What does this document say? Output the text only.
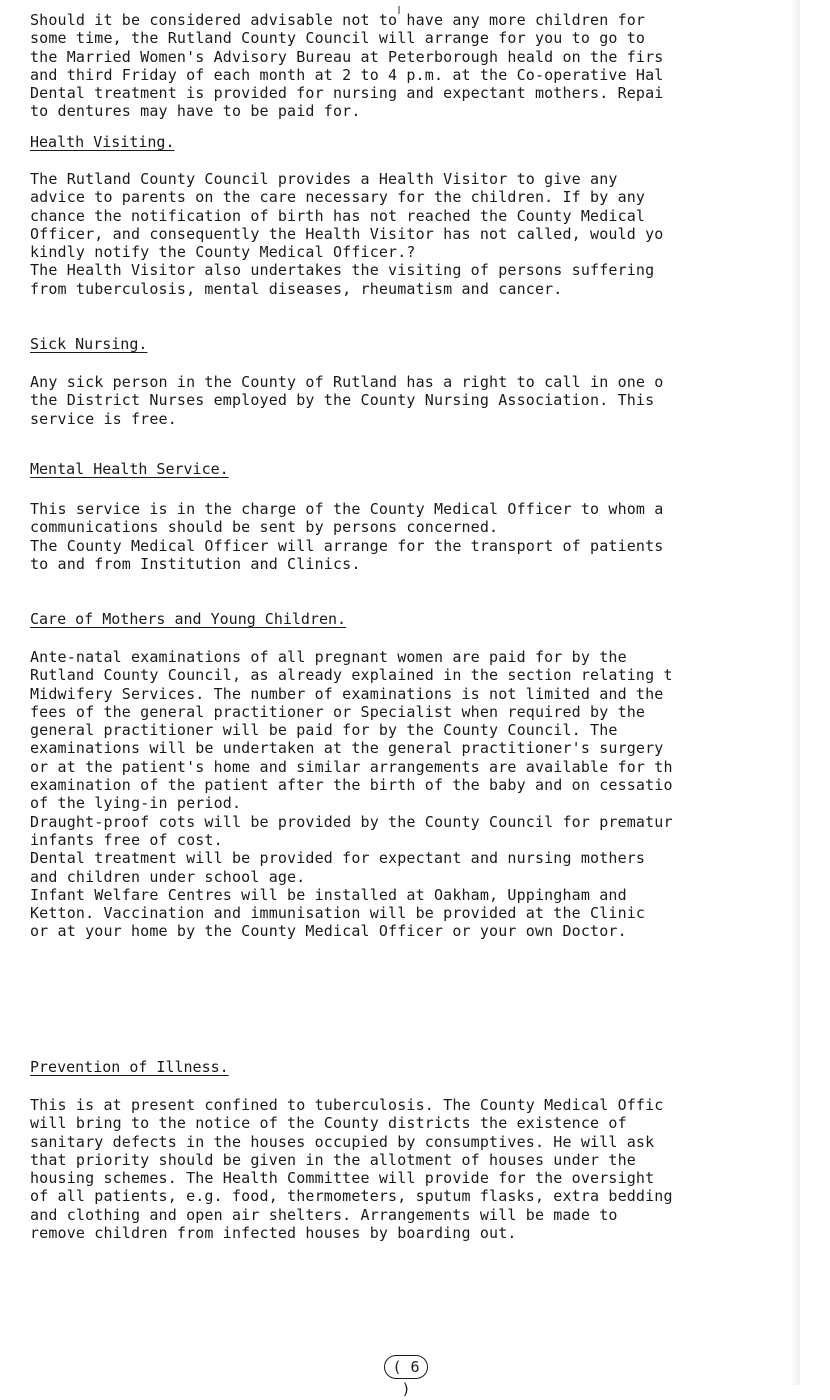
Should it be considered advisable not to have any more children for
some time, the Rutland County Council will arrange for you to go to
the Married Women's Advisory Bureau at Peterborough heald on the firs
and third Friday of each month at 2 to 4 p.m. at the Co-operative Hal
Dental treatment is provided for nursing and expectant mothers. Repai
to dentures may have to be paid for.
Health Visiting.
The Rutland County Council provides a Health Visitor to give any
advice to parents on the care necessary for the children. If by any
chance the notification of birth has not reached the County Medical
Officer, and consequently the Health Visitor has not called, would yo
kindly notify the County Medical Officer.?
The Health Visitor also undertakes the visiting of persons suffering
from tuberculosis, mental diseases, rheumatism and cancer.
Sick Nursing.
Any sick person in the County of Rutland has a right to call in one o
the District Nurses employed by the County Nursing Association. This
service is free.
Mental Health Service.
This service is in the charge of the County Medical Officer to whom a
communications should be sent by persons concerned.
The County Medical Officer will arrange for the transport of patients
to and from Institution and Clinics.
Care of Mothers and Young Children.
Ante-natal examinations of all pregnant women are paid for by the
Rutland County Council, as already explained in the section relating t
Midwifery Services. The number of examinations is not limited and the
fees of the general practitioner or Specialist when required by the
general practitioner will be paid for by the County Council. The
examinations will be undertaken at the general practitioner's surgery
or at the patient's home and similar arrangements are available for th
examination of the patient after the birth of the baby and on cessatio
of the lying-in period.
Draught-proof cots will be provided by the County Council for prematur
infants free of cost.
Dental treatment will be provided for expectant and nursing mothers
and children under school age.
Infant Welfare Centres will be installed at Oakham, Uppingham and
Ketton. Vaccination and immunisation will be provided at the Clinic
or at your home by the County Medical Officer or your own Doctor.
Prevention of Illness.
This is at present confined to tuberculosis. The County Medical Offic
will bring to the notice of the County districts the existence of
sanitary defects in the houses occupied by consumptives. He will ask
that priority should be given in the allotment of houses under the
housing schemes. The Health Committee will provide for the oversight
of all patients, e.g. food, thermometers, sputum flasks, extra bedding
and clothing and open air shelters. Arrangements will be made to
remove children from infected houses by boarding out.
( 6 )
